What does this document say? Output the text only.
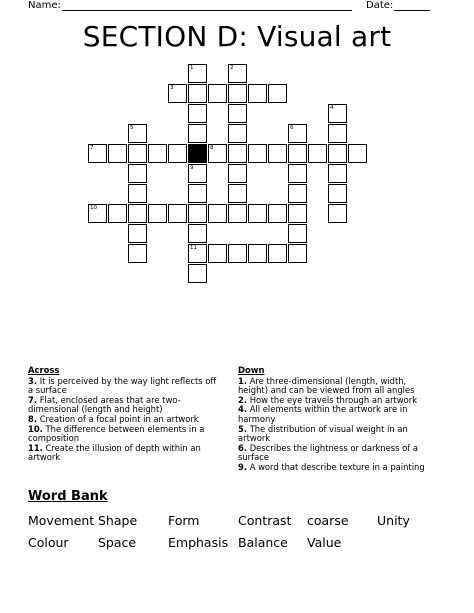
Name:	Date:
SECTION D: Visual art
3
7	8
10
11
1
9
2
4
5	6
Across
3. It is perceived by the way light reflects off a surface
7. Flat, enclosed areas that are two-dimensional (length and height)
8. Creation of a focal point in an artwork
10. The difference between elements in a composition
11. Create the illusion of depth within an artwork
Down
1. Are three-dimensional (length, width, height) and can be viewed from all angles
2. How the eye travels through an artwork
4. All elements within the artwork are in harmony
5. The distribution of visual weight in an artwork
6. Describes the lightness or darkness of a surface
9. A word that describe texture in a painting
Word Bank
Movement Shape Form	Contrast coarse Unity
Colour Space	Emphasis Balance Value
